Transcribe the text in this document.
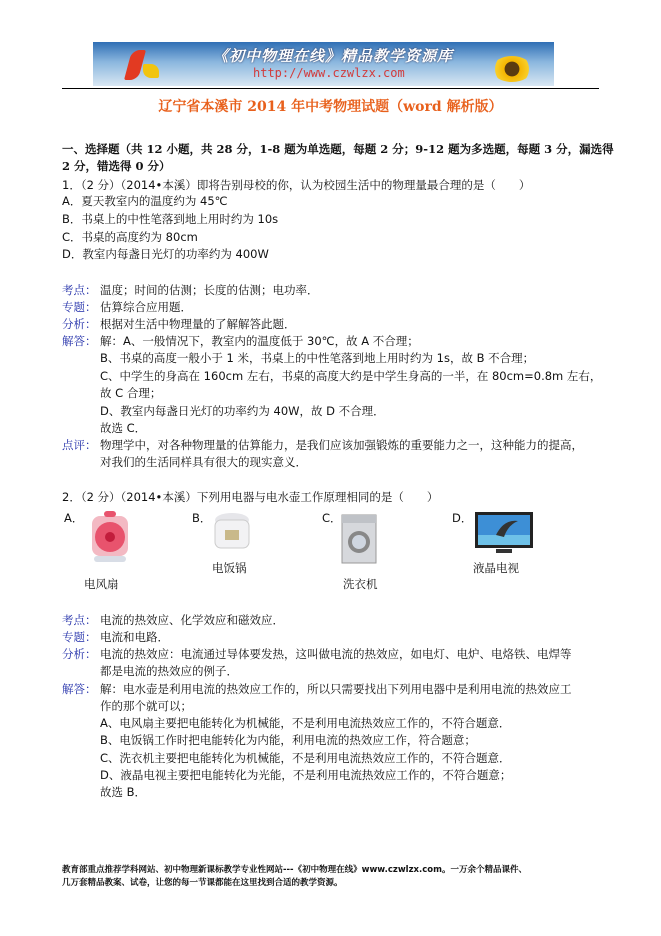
《初中物理在线》精品教学资源库
http://www.czwlzx.com
辽宁省本溪市 2014 年中考物理试题（word 解析版）
一、选择题（共 12 小题，共 28 分，1-8 题为单选题，每题 2 分；9-12 题为多选题，每题 3 分，漏选得
2 分，错选得 0 分）
1．（2 分）（2014•本溪）即将告别母校的你，认为校园生活中的物理量最合理的是（　　）
A．夏天教室内的温度约为 45℃
B．书桌上的中性笔落到地上用时约为 10s
C．书桌的高度约为 80cm
D．教室内每盏日光灯的功率约为 400W
考点： 温度；时间的估测；长度的估测；电功率．
专题： 估算综合应用题．
分析： 根据对生活中物理量的了解解答此题．
解答： 解：A、一般情况下，教室内的温度低于 30℃，故 A 不合理；
B、书桌的高度一般小于 1 米，书桌上的中性笔落到地上用时约为 1s，故 B 不合理；
C、中学生的身高在 160cm 左右，书桌的高度大约是中学生身高的一半，在 80cm=0.8m 左右，
故 C 合理；
D、教室内每盏日光灯的功率约为 40W，故 D 不合理．
故选 C．
点评： 物理学中，对各种物理量的估算能力，是我们应该加强锻炼的重要能力之一，这种能力的提高，
对我们的生活同样具有很大的现实意义．
2．（2 分）（2014•本溪）下列用电器与电水壶工作原理相同的是（　　）
A．
电风扇
B．
电饭锅
C．
洗衣机
D．
液晶电视
考点： 电流的热效应、化学效应和磁效应．
专题： 电流和电路．
分析： 电流的热效应：电流通过导体要发热，这叫做电流的热效应，如电灯、电炉、电烙铁、电焊等
都是电流的热效应的例子．
解答： 解：电水壶是利用电流的热效应工作的，所以只需要找出下列用电器中是利用电流的热效应工
作的那个就可以；
A、电风扇主要把电能转化为机械能，不是利用电流热效应工作的，不符合题意．
B、电饭锅工作时把电能转化为内能，利用电流的热效应工作，符合题意；
C、洗衣机主要把电能转化为机械能，不是利用电流热效应工作的，不符合题意．
D、液晶电视主要把电能转化为光能，不是利用电流热效应工作的，不符合题意；
故选 B．
教育部重点推荐学科网站、初中物理新课标教学专业性网站---《初中物理在线》www.czwlzx.com。一万余个精品课件、
几万套精品教案、试卷，让您的每一节课都能在这里找到合适的教学资源。
